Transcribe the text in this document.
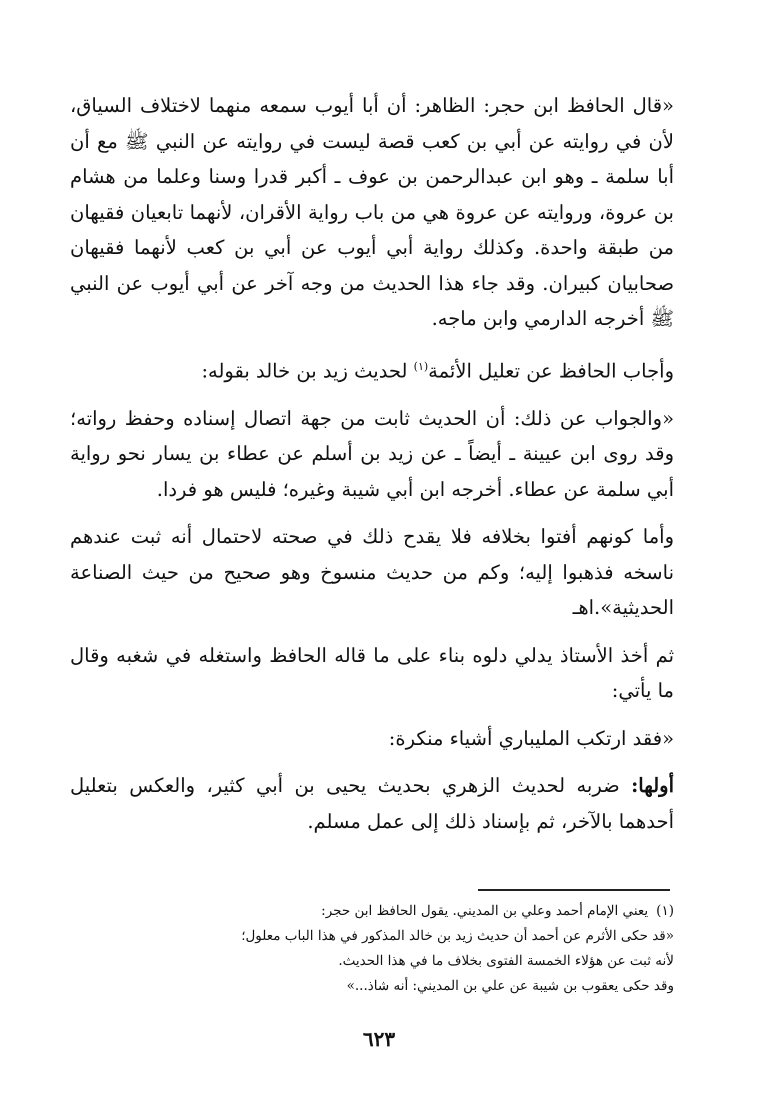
«قال الحافظ ابن حجر: الظاهر: أن أبا أيوب سمعه منهما لاختلاف السياق، لأن في روايته عن أبي بن كعب قصة ليست في روايته عن النبي ﷺ مع أن أبا سلمة ـ وهو ابن عبدالرحمن بن عوف ـ أكبر قدرا وسنا وعلما من هشام بن عروة، وروايته عن عروة هي من باب رواية الأقران، لأنهما تابعيان فقيهان من طبقة واحدة. وكذلك رواية أبي أيوب عن أبي بن كعب لأنهما فقيهان صحابيان كبيران. وقد جاء هذا الحديث من وجه آخر عن أبي أيوب عن النبي ﷺ أخرجه الدارمي وابن ماجه.

وأجاب الحافظ عن تعليل الأئمة$^{(١)}$ لحديث زيد بن خالد بقوله:

«والجواب عن ذلك: أن الحديث ثابت من جهة اتصال إسناده وحفظ رواته؛ وقد روى ابن عيينة ـ أيضاً ـ عن زيد بن أسلم عن عطاء بن يسار نحو رواية أبي سلمة عن عطاء. أخرجه ابن أبي شيبة وغيره؛ فليس هو فردا.

وأما كونهم أفتوا بخلافه فلا يقدح ذلك في صحته لاحتمال أنه ثبت عندهم ناسخه فذهبوا إليه؛ وكم من حديث منسوخ وهو صحيح من حيث الصناعة الحديثية».اهـ

ثم أخذ الأستاذ يدلي دلوه بناء على ما قاله الحافظ واستغله في شغبه وقال ما يأتي:

«فقد ارتكب المليباري أشياء منكرة:

أولها: ضربه لحديث الزهري بحديث يحيى بن أبي كثير، والعكس بتعليل أحدهما بالآخر، ثم بإسناد ذلك إلى عمل مسلم.

(١)يعني الإمام أحمد وعلي بن المديني. يقول الحافظ ابن حجر:

«قد حكى الأثرم عن أحمد أن حديث زيد بن خالد المذكور في هذا الباب معلول؛

لأنه ثبت عن هؤلاء الخمسة الفتوى بخلاف ما في هذا الحديث.

وقد حكى يعقوب بن شيبة عن علي بن المديني: أنه شاذ...»

٦٢٣
